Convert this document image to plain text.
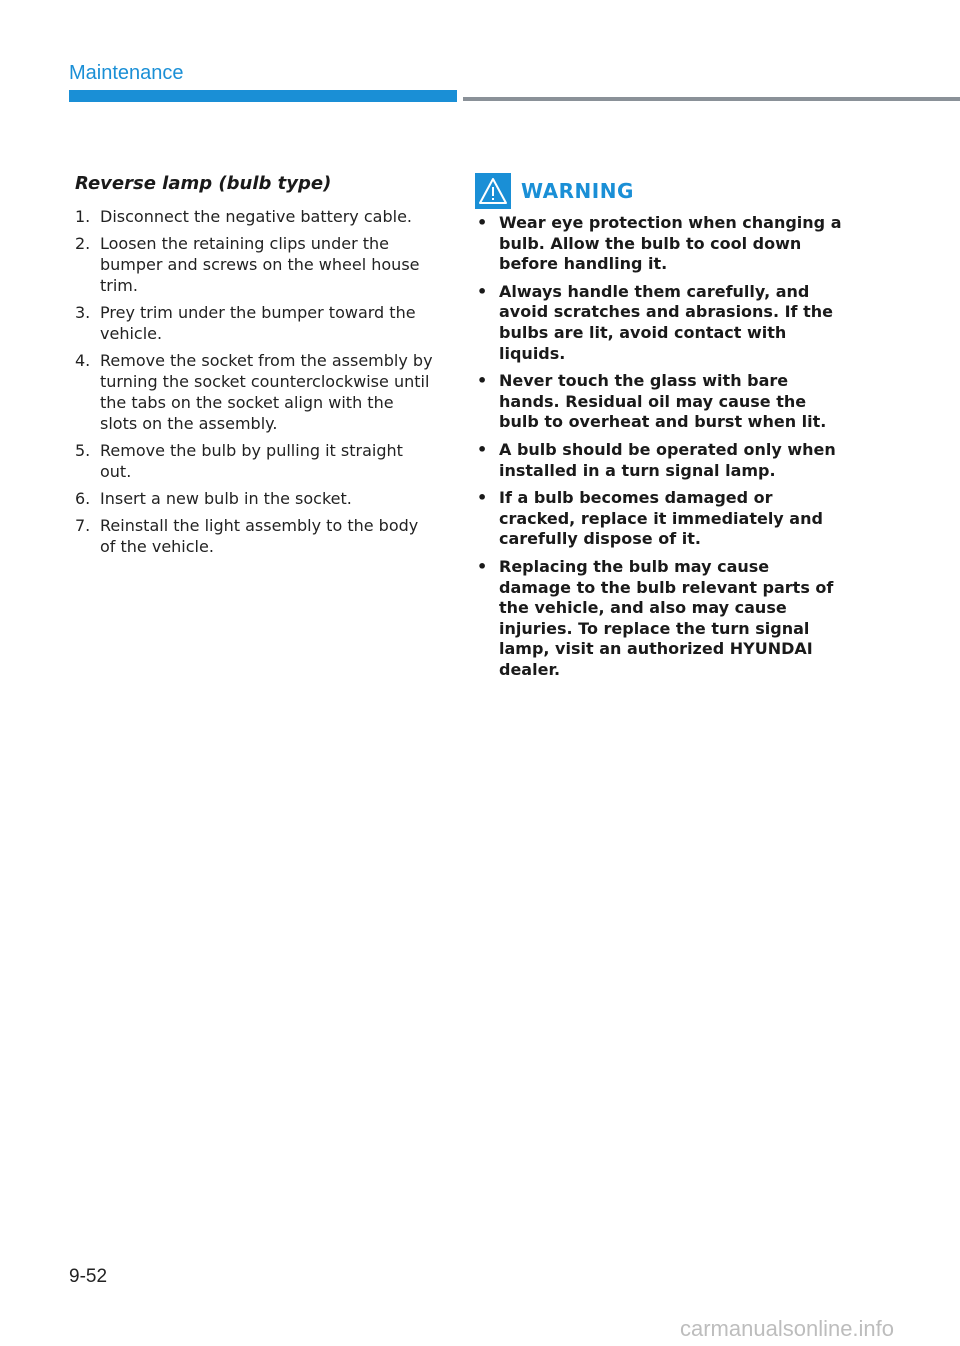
Maintenance
Reverse lamp (bulb type)
1. Disconnect the negative battery cable.
2. Loosen the retaining clips under the bumper and screws on the wheel house trim.
3. Prey trim under the bumper toward the vehicle.
4. Remove the socket from the assembly by turning the socket counterclockwise until the tabs on the socket align with the slots on the assembly.
5. Remove the bulb by pulling it straight out.
6. Insert a new bulb in the socket.
7. Reinstall the light assembly to the body of the vehicle.
WARNING
• Wear eye protection when changing a bulb. Allow the bulb to cool down before handling it.
• Always handle them carefully, and avoid scratches and abrasions. If the bulbs are lit, avoid contact with liquids.
• Never touch the glass with bare hands. Residual oil may cause the bulb to overheat and burst when lit.
• A bulb should be operated only when installed in a turn signal lamp.
• If a bulb becomes damaged or cracked, replace it immediately and carefully dispose of it.
• Replacing the bulb may cause damage to the bulb relevant parts of the vehicle, and also may cause injuries. To replace the turn signal lamp, visit an authorized HYUNDAI dealer.
9-52
carmanualsonline.info
